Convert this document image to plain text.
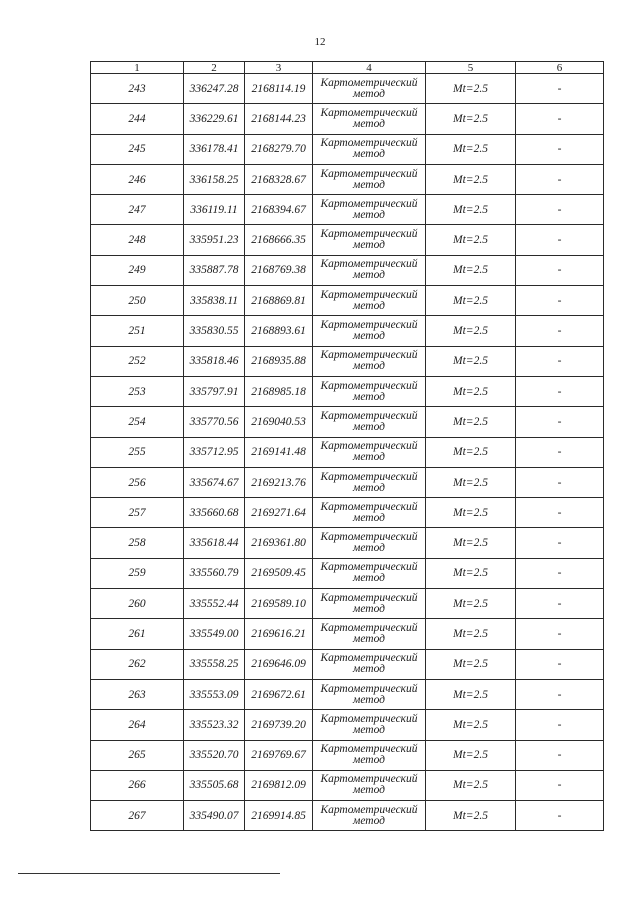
12
1	2	3	4	5	6
243	336247.28	2168114.19	Картометрический метод	Mt=2.5	-
244	336229.61	2168144.23	Картометрический метод	Mt=2.5	-
245	336178.41	2168279.70	Картометрический метод	Mt=2.5	-
246	336158.25	2168328.67	Картометрический метод	Mt=2.5	-
247	336119.11	2168394.67	Картометрический метод	Mt=2.5	-
248	335951.23	2168666.35	Картометрический метод	Mt=2.5	-
249	335887.78	2168769.38	Картометрический метод	Mt=2.5	-
250	335838.11	2168869.81	Картометрический метод	Mt=2.5	-
251	335830.55	2168893.61	Картометрический метод	Mt=2.5	-
252	335818.46	2168935.88	Картометрический метод	Mt=2.5	-
253	335797.91	2168985.18	Картометрический метод	Mt=2.5	-
254	335770.56	2169040.53	Картометрический метод	Mt=2.5	-
255	335712.95	2169141.48	Картометрический метод	Mt=2.5	-
256	335674.67	2169213.76	Картометрический метод	Mt=2.5	-
257	335660.68	2169271.64	Картометрический метод	Mt=2.5	-
258	335618.44	2169361.80	Картометрический метод	Mt=2.5	-
259	335560.79	2169509.45	Картометрический метод	Mt=2.5	-
260	335552.44	2169589.10	Картометрический метод	Mt=2.5	-
261	335549.00	2169616.21	Картометрический метод	Mt=2.5	-
262	335558.25	2169646.09	Картометрический метод	Mt=2.5	-
263	335553.09	2169672.61	Картометрический метод	Mt=2.5	-
264	335523.32	2169739.20	Картометрический метод	Mt=2.5	-
265	335520.70	2169769.67	Картометрический метод	Mt=2.5	-
266	335505.68	2169812.09	Картометрический метод	Mt=2.5	-
267	335490.07	2169914.85	Картометрический метод	Mt=2.5	-
